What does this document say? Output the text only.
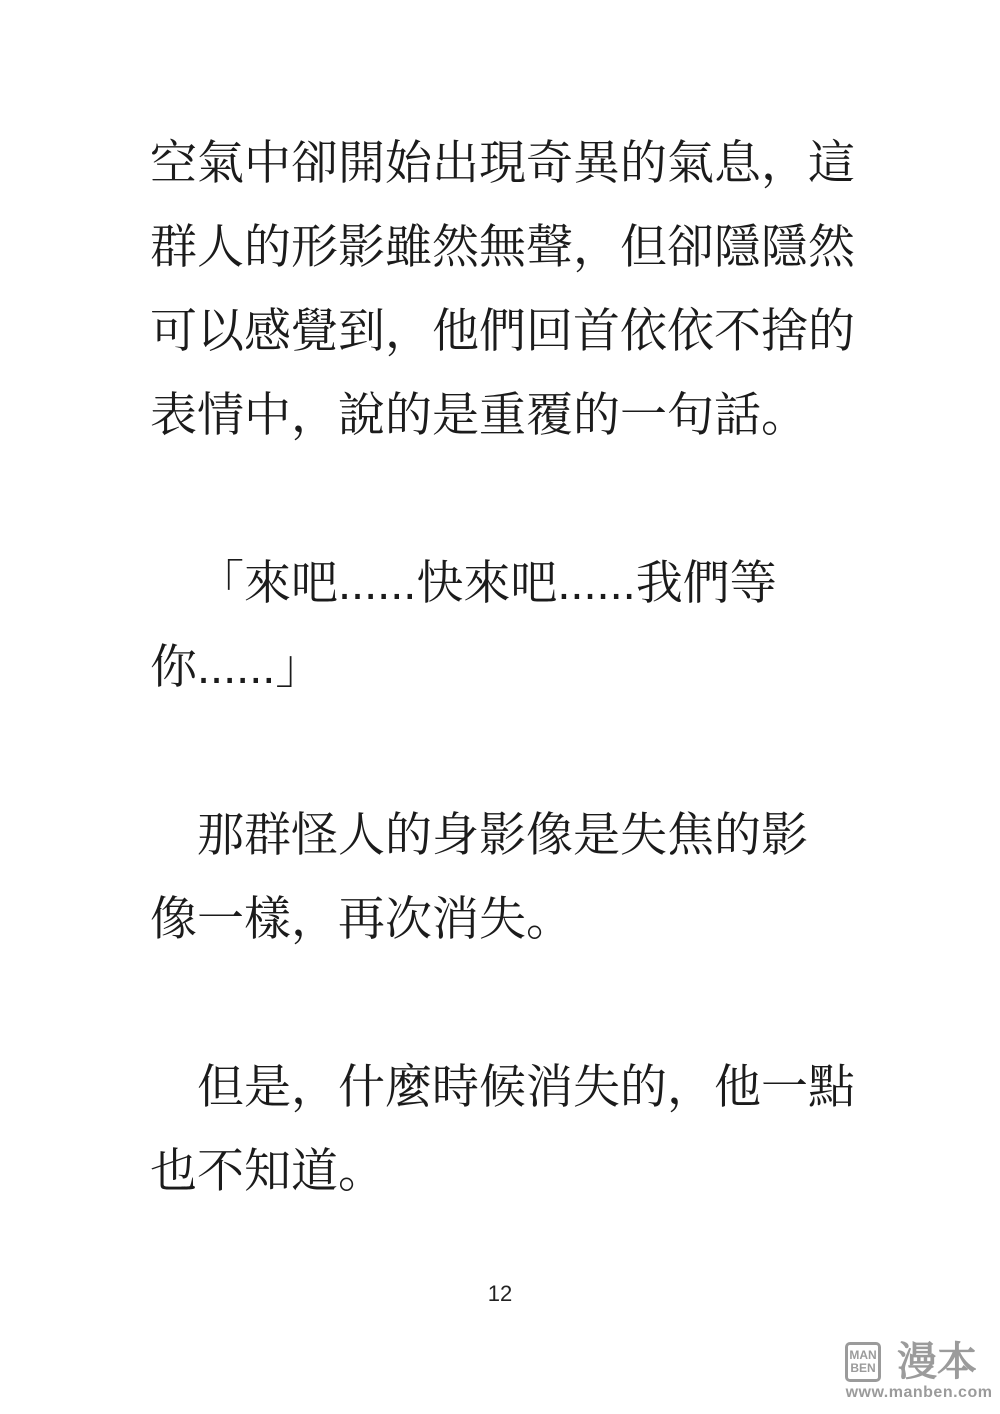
空氣中卻開始出現奇異的氣息，這
群人的形影雖然無聲，但卻隱隱然
可以感覺到，他們回首依依不捨的
表情中，說的是重覆的一句話。
「來吧......快來吧......我們等
你......」
那群怪人的身影像是失焦的影
像一樣，再次消失。
但是，什麼時候消失的，他一點
也不知道。
12
MAN
BEN 漫本
www.manben.com
